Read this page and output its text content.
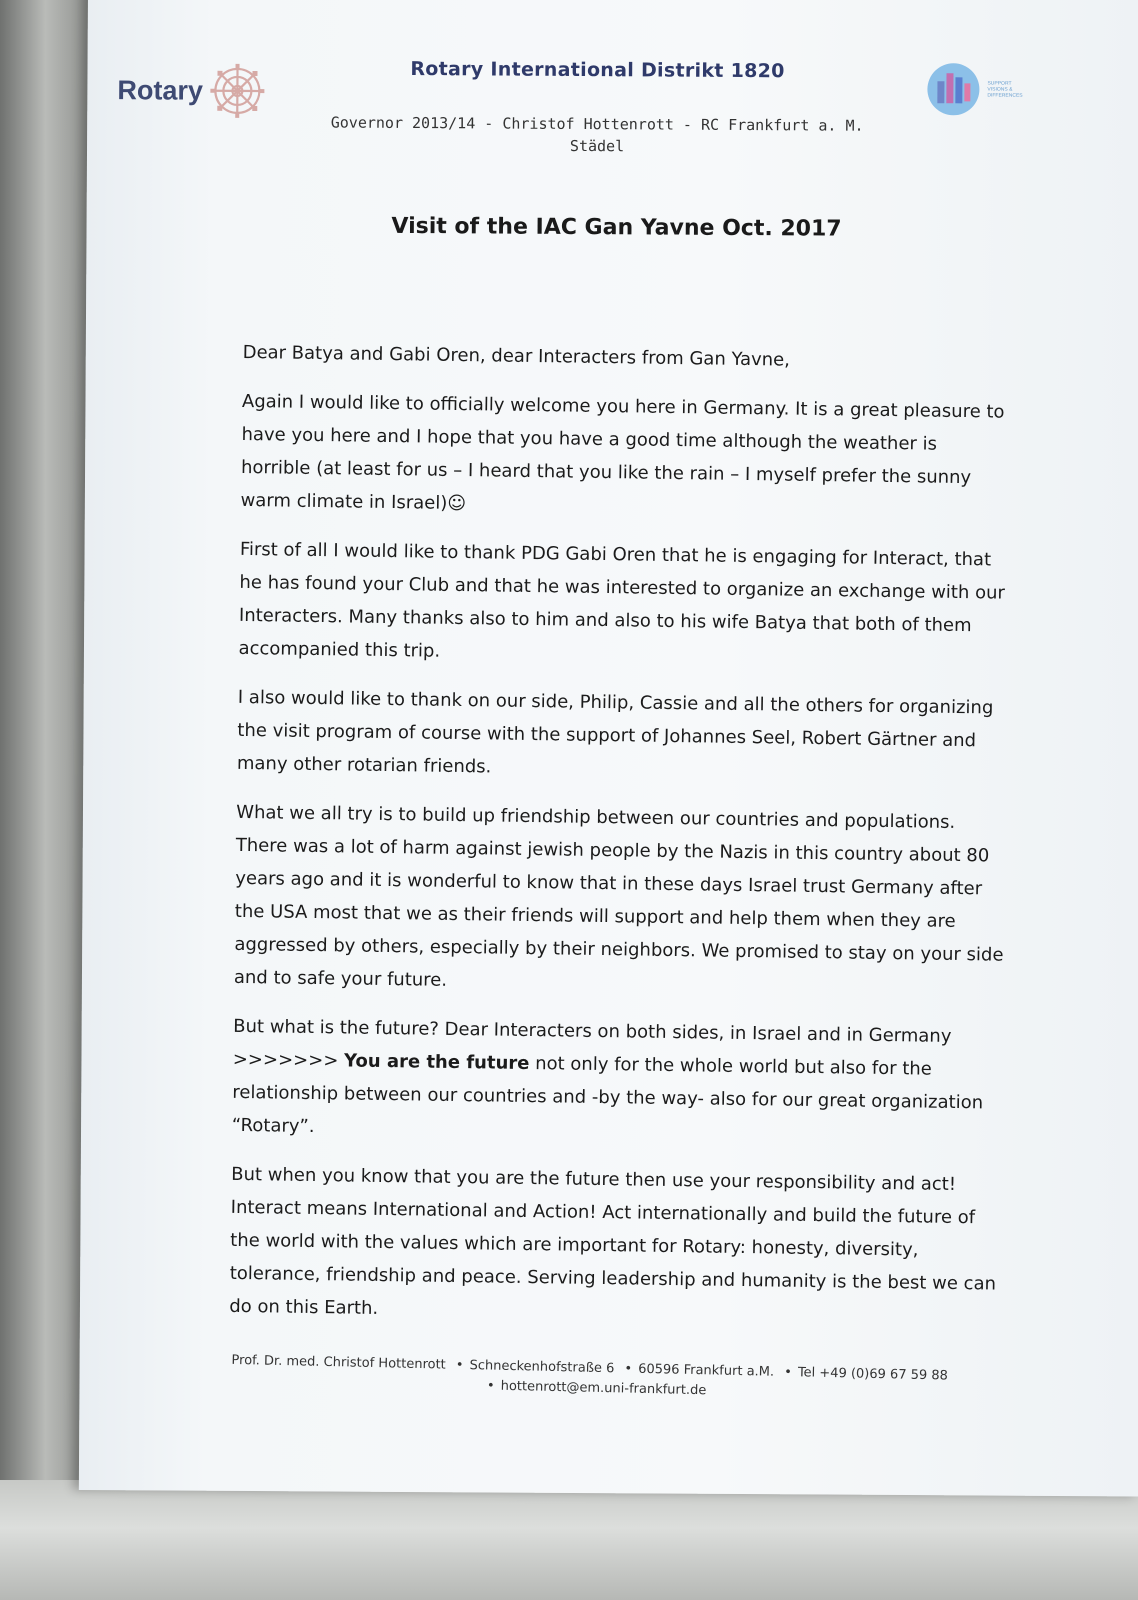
Rotary
Rotary International Distrikt 1820
SUPPORT VISIONS & DIFFERENCES
Governor 2013/14 - Christof Hottenrott - RC Frankfurt a. M.
Städel
Visit of the IAC Gan Yavne Oct. 2017

Dear Batya and Gabi Oren, dear Interacters from Gan Yavne,

Again I would like to officially welcome you here in Germany. It is a great pleasure to have you here and I hope that you have a good time although the weather is horrible (at least for us – I heard that you like the rain – I myself prefer the sunny warm climate in Israel)☺

First of all I would like to thank PDG Gabi Oren that he is engaging for Interact, that he has found your Club and that he was interested to organize an exchange with our Interacters. Many thanks also to him and also to his wife Batya that both of them accompanied this trip.

I also would like to thank on our side, Philip, Cassie and all the others for organizing the visit program of course with the support of Johannes Seel, Robert Gärtner and many other rotarian friends.

What we all try is to build up friendship between our countries and populations. There was a lot of harm against jewish people by the Nazis in this country about 80 years ago and it is wonderful to know that in these days Israel trust Germany after the USA most that we as their friends will support and help them when they are aggressed by others, especially by their neighbors. We promised to stay on your side and to safe your future.

But what is the future? Dear Interacters on both sides, in Israel and in Germany >>>>>>> You are the future not only for the whole world but also for the relationship between our countries and -by the way- also for our great organization “Rotary”.

But when you know that you are the future then use your responsibility and act! Interact means International and Action! Act internationally and build the future of the world with the values which are important for Rotary: honesty, diversity, tolerance, friendship and peace. Serving leadership and humanity is the best we can do on this Earth.

Prof. Dr. med. Christof Hottenrott • Schneckenhofstraße 6 • 60596 Frankfurt a.M. • Tel +49 (0)69 67 59 88
• hottenrott@em.uni-frankfurt.de
